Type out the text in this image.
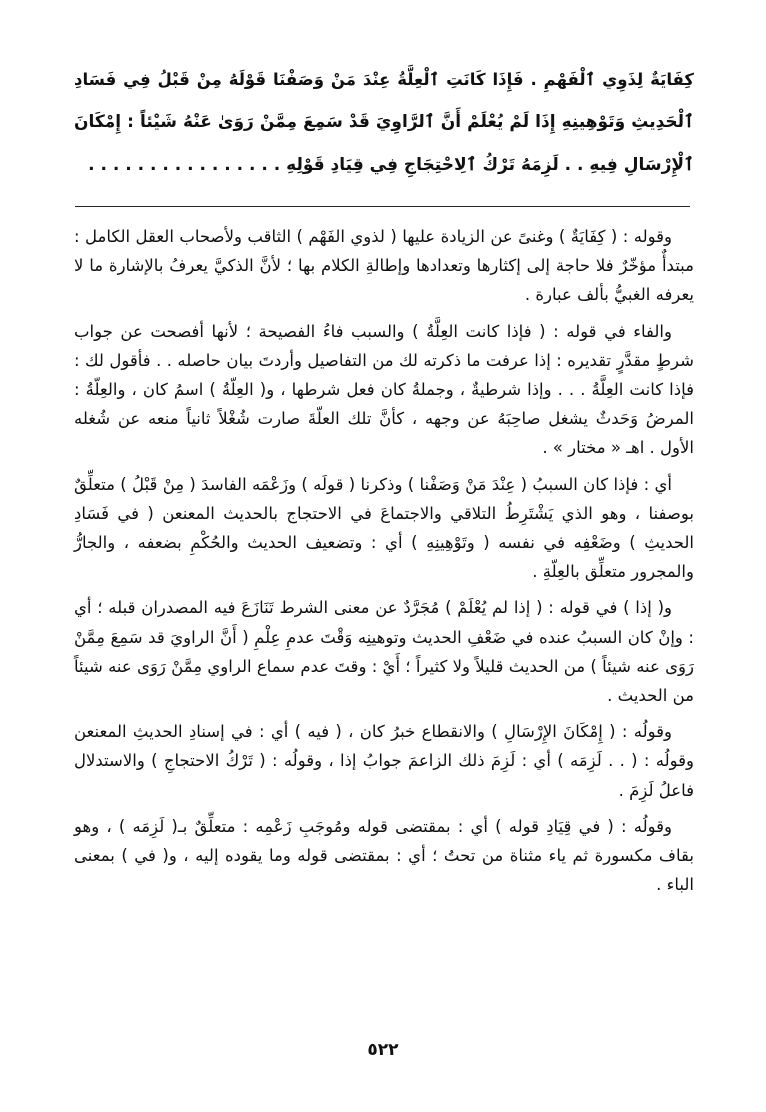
كِفَايَةٌ لِذَوِي ٱلْفَهْمِ . فَإِذَا كَانَتِ ٱلْعِلَّةُ عِنْدَ مَنْ وَصَفْنَا قَوْلَهُ مِنْ قَبْلُ فِي فَسَادِ
ٱلْحَدِيثِ وَتَوْهِينِهِ إِذَا لَمْ يُعْلَمْ أَنَّ ٱلرَّاوِيَ قَدْ سَمِعَ مِمَّنْ رَوَىٰ عَنْهُ شَيْئاً : إِمْكَانَ
ٱلْإِرْسَالِ فِيهِ . . لَزِمَهُ تَرْكُ ٱلِاحْتِجَاجِ فِي قِيَادِ قَوْلِهِ . . . . . . . . . . . . . . . .

وقوله : ( كِفَايَةٌ ) وغنىً عن الزيادة عليها ( لذوي الفَهْم ) الثاقب ولأصحاب العقل الكامل : مبتدأٌ مؤخّرٌ فلا حاجة إلى إكثارها وتعدادها وإطالةِ الكلام بها ؛ لأنَّ الذكيَّ يعرفُ بالإشارة ما لا يعرفه الغبيُّ بألف عبارة .

والفاء في قوله : ( فإذا كانت العِلَّةُ ) والسبب فاءُ الفصيحة ؛ لأنها أفصحت عن جواب شرطٍ مقدَّرٍ تقديره : إذا عرفت ما ذكرته لك من التفاصيل وأردتَ بيان حاصله . . فأقول لك : فإذا كانت العِلَّةُ . . . وإذا شرطيةٌ ، وجملةُ كان فعل شرطها ، و( العِلّةُ ) اسمُ كان ، والعِلّةُ : المرضُ وَحَدثٌ يشغل صاحِبَهُ عن وجهه ، كأنَّ تلك العلّةَ صارت شُغْلاً ثانياً منعه عن شُغله الأول . اهـ « مختار » .

أي : فإذا كان السببُ ( عِنْدَ مَنْ وَصَفْنا ) وذكرنا ( قولَه ) وزَعْمَه الفاسدَ ( مِنْ قَبْلُ ) متعلِّقٌ بوصفنا ، وهو الذي يَشْتَرِطُ التلاقي والاجتماعَ في الاحتجاج بالحديث المعنعن ( في فَسَادِ الحديثِ ) وضَعْفِه في نفسه ( وتَوْهِينِهِ ) أي : وتضعيف الحديث والحُكْمِ بضعفه ، والجارُّ والمجرور متعلِّق بالعِلّةِ .

و( إذا ) في قوله : ( إذا لم يُعْلَمْ ) مُجَرَّدٌ عن معنى الشرط تَنَازَعَ فيه المصدران قبله ؛ أي : وإنْ كان السببُ عنده في ضَعْفِ الحديث وتوهينِه وَقْتَ عدمِ عِلْمِ ( أَنَّ الراويَ قد سَمِعَ مِمَّنْ رَوَى عنه شيئاً ) من الحديث قليلاً ولا كثيراً ؛ أَيْ : وقتَ عدم سماع الراوي مِمَّنْ رَوَى عنه شيئاً من الحديث .

وقولُه : ( إِمْكَانَ الإِرْسَالِ ) والانقطاع خبرُ كان ، ( فيه ) أي : في إسنادِ الحديثِ المعنعن وقولُه : ( . . لَزِمَه ) أي : لَزِمَ ذلك الزاعمَ جوابُ إذا ، وقولُه : ( تَرْكُ الاحتجاجِ ) والاستدلال فاعلُ لَزِمَ .

وقولُه : ( في قِيَادِ قوله ) أي : بمقتضى قوله ومُوجَبِ زَعْمِه : متعلِّقٌ بـ( لَزِمَه ) ، وهو بقاف مكسورة ثم ياء مثناة من تحتُ ؛ أي : بمقتضى قوله وما يقوده إليه ، و( في ) بمعنى الباء .

٥٢٢
